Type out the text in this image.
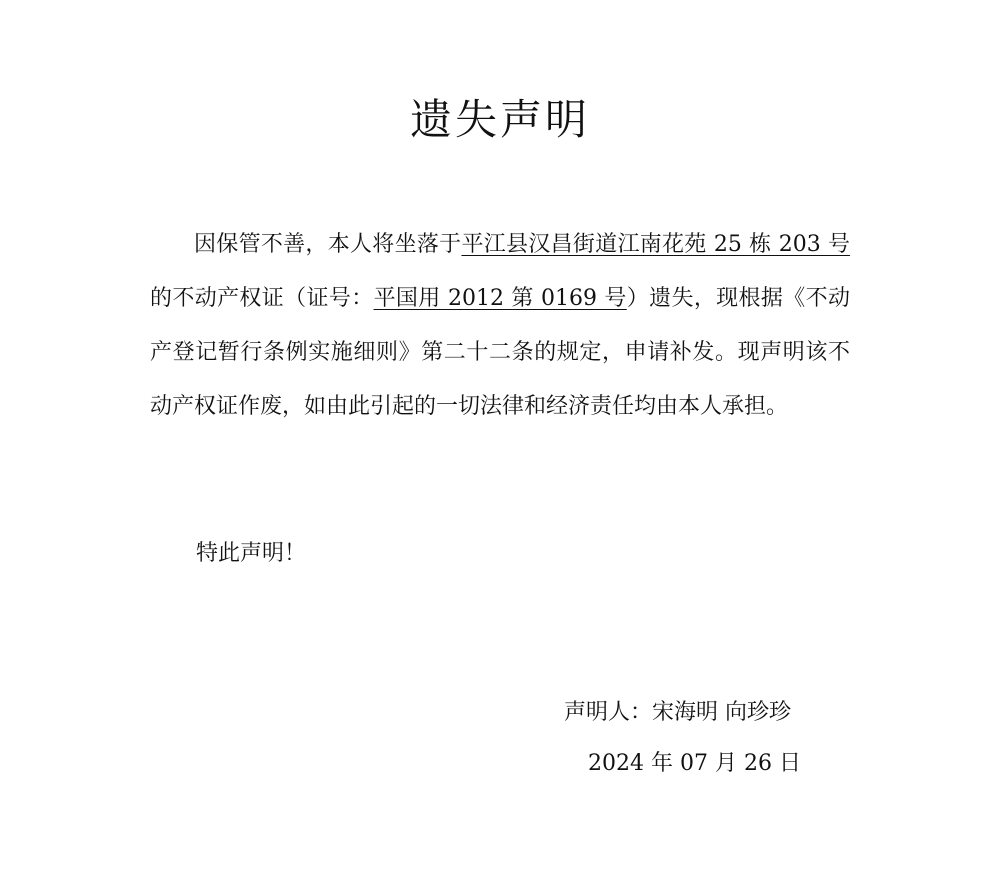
遗失声明
因保管不善，本人将坐落于平江县汉昌街道江南花苑 25 栋 203 号的不动产权证（证号：平国用 2012 第 0169 号）遗失，现根据《不动产登记暂行条例实施细则》第二十二条的规定，申请补发。现声明该不动产权证作废，如由此引起的一切法律和经济责任均由本人承担。
特此声明！
声明人：宋海明 向珍珍
2024 年 07 月 26 日
